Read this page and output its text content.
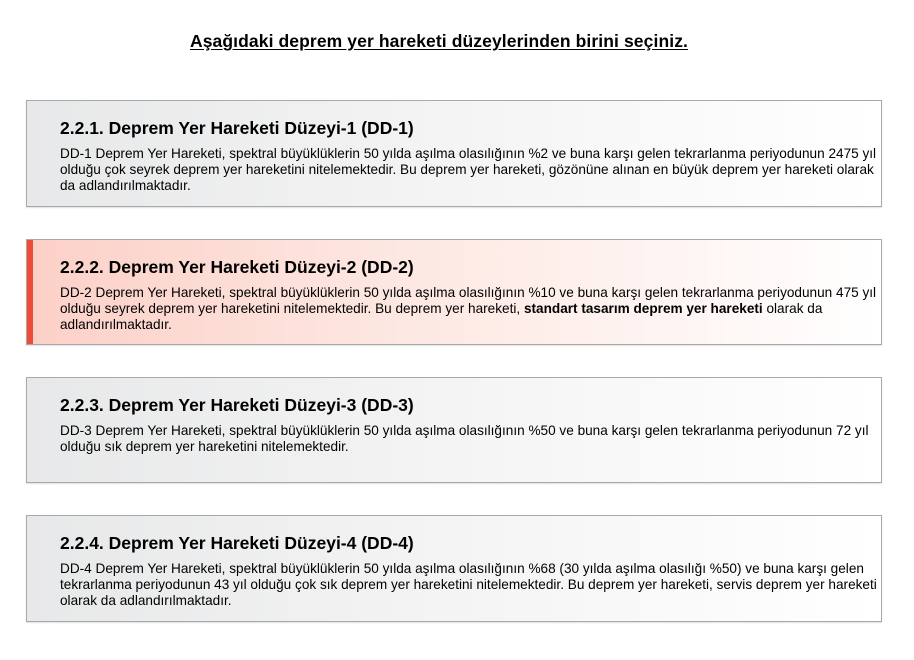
Aşağıdaki deprem yer hareketi düzeylerinden birini seçiniz.
2.2.1. Deprem Yer Hareketi Düzeyi-1 (DD-1)
DD-1 Deprem Yer Hareketi, spektral büyüklüklerin 50 yılda aşılma olasılığının %2 ve buna karşı gelen tekrarlanma periyodunun 2475 yıl olduğu çok seyrek deprem yer hareketini nitelemektedir. Bu deprem yer hareketi, gözönüne alınan en büyük deprem yer hareketi olarak da adlandırılmaktadır.
2.2.2. Deprem Yer Hareketi Düzeyi-2 (DD-2)
DD-2 Deprem Yer Hareketi, spektral büyüklüklerin 50 yılda aşılma olasılığının %10 ve buna karşı gelen tekrarlanma periyodunun 475 yıl olduğu seyrek deprem yer hareketini nitelemektedir. Bu deprem yer hareketi, standart tasarım deprem yer hareketi olarak da adlandırılmaktadır.
2.2.3. Deprem Yer Hareketi Düzeyi-3 (DD-3)
DD-3 Deprem Yer Hareketi, spektral büyüklüklerin 50 yılda aşılma olasılığının %50 ve buna karşı gelen tekrarlanma periyodunun 72 yıl olduğu sık deprem yer hareketini nitelemektedir.
2.2.4. Deprem Yer Hareketi Düzeyi-4 (DD-4)
DD-4 Deprem Yer Hareketi, spektral büyüklüklerin 50 yılda aşılma olasılığının %68 (30 yılda aşılma olasılığı %50) ve buna karşı gelen tekrarlanma periyodunun 43 yıl olduğu çok sık deprem yer hareketini nitelemektedir. Bu deprem yer hareketi, servis deprem yer hareketi olarak da adlandırılmaktadır.
